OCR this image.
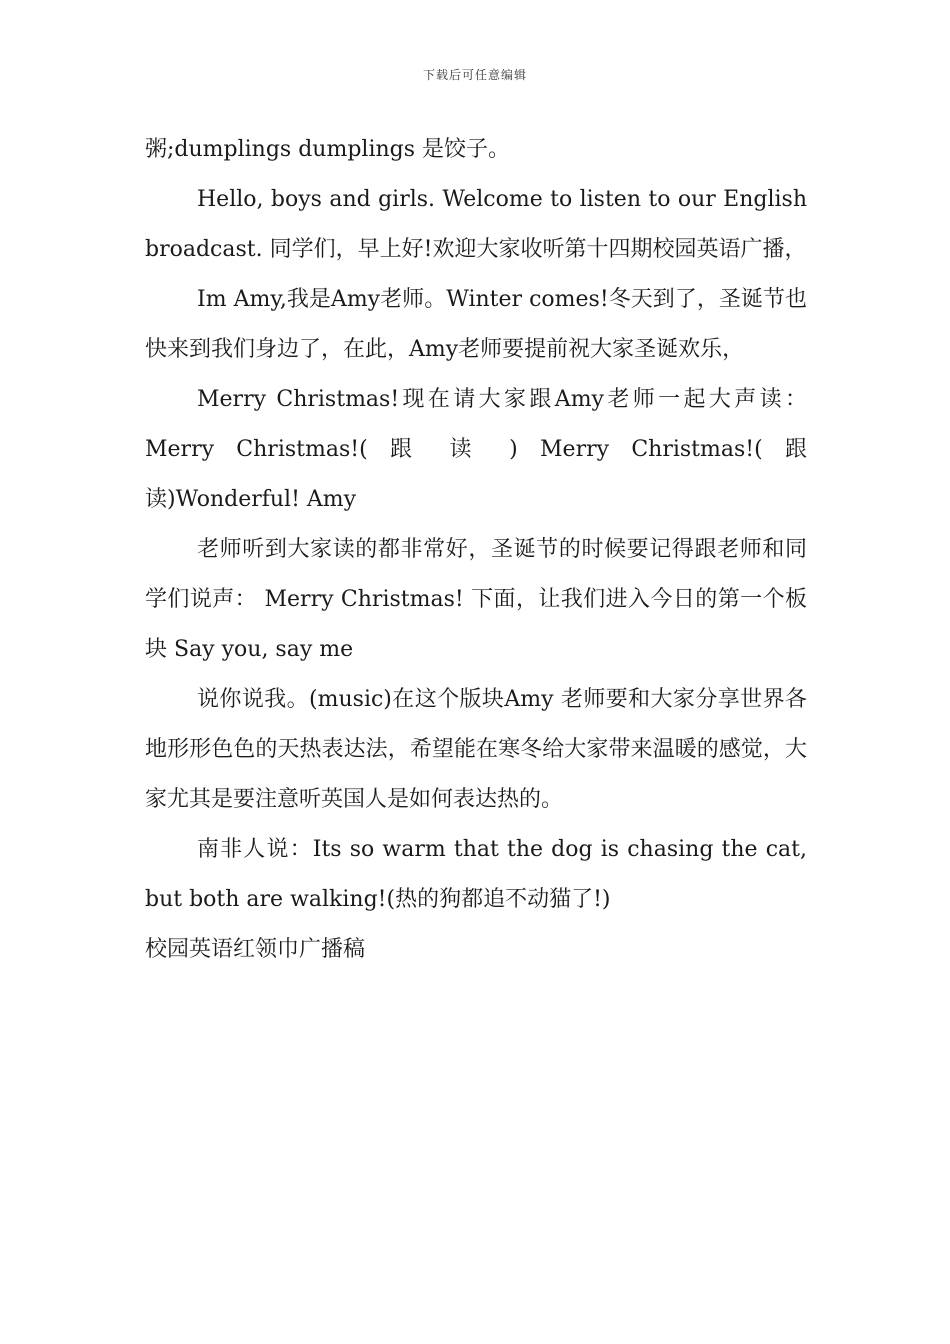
下载后可任意编辑

粥;dumplings dumplings 是饺子。

Hello, boys and girls. Welcome to listen to our English broadcast. 同学们，早上好!欢迎大家收听第十四期校园英语广播，

Im Amy,我是Amy老师。Winter comes!冬天到了，圣诞节也快来到我们身边了，在此，Amy老师要提前祝大家圣诞欢乐，

Merry Christmas!现在请大家跟Amy老师一起大声读：Merry Christmas!( 跟 读 ) Merry Christmas!( 跟读)Wonderful! Amy

老师听到大家读的都非常好，圣诞节的时候要记得跟老师和同学们说声： Merry Christmas! 下面，让我们进入今日的第一个板块 Say you, say me

说你说我。(music)在这个版块Amy 老师要和大家分享世界各地形形色色的天热表达法，希望能在寒冬给大家带来温暖的感觉，大家尤其是要注意听英国人是如何表达热的。

南非人说：Its so warm that the dog is chasing the cat, but both are walking!(热的狗都追不动猫了!)

校园英语红领巾广播稿
